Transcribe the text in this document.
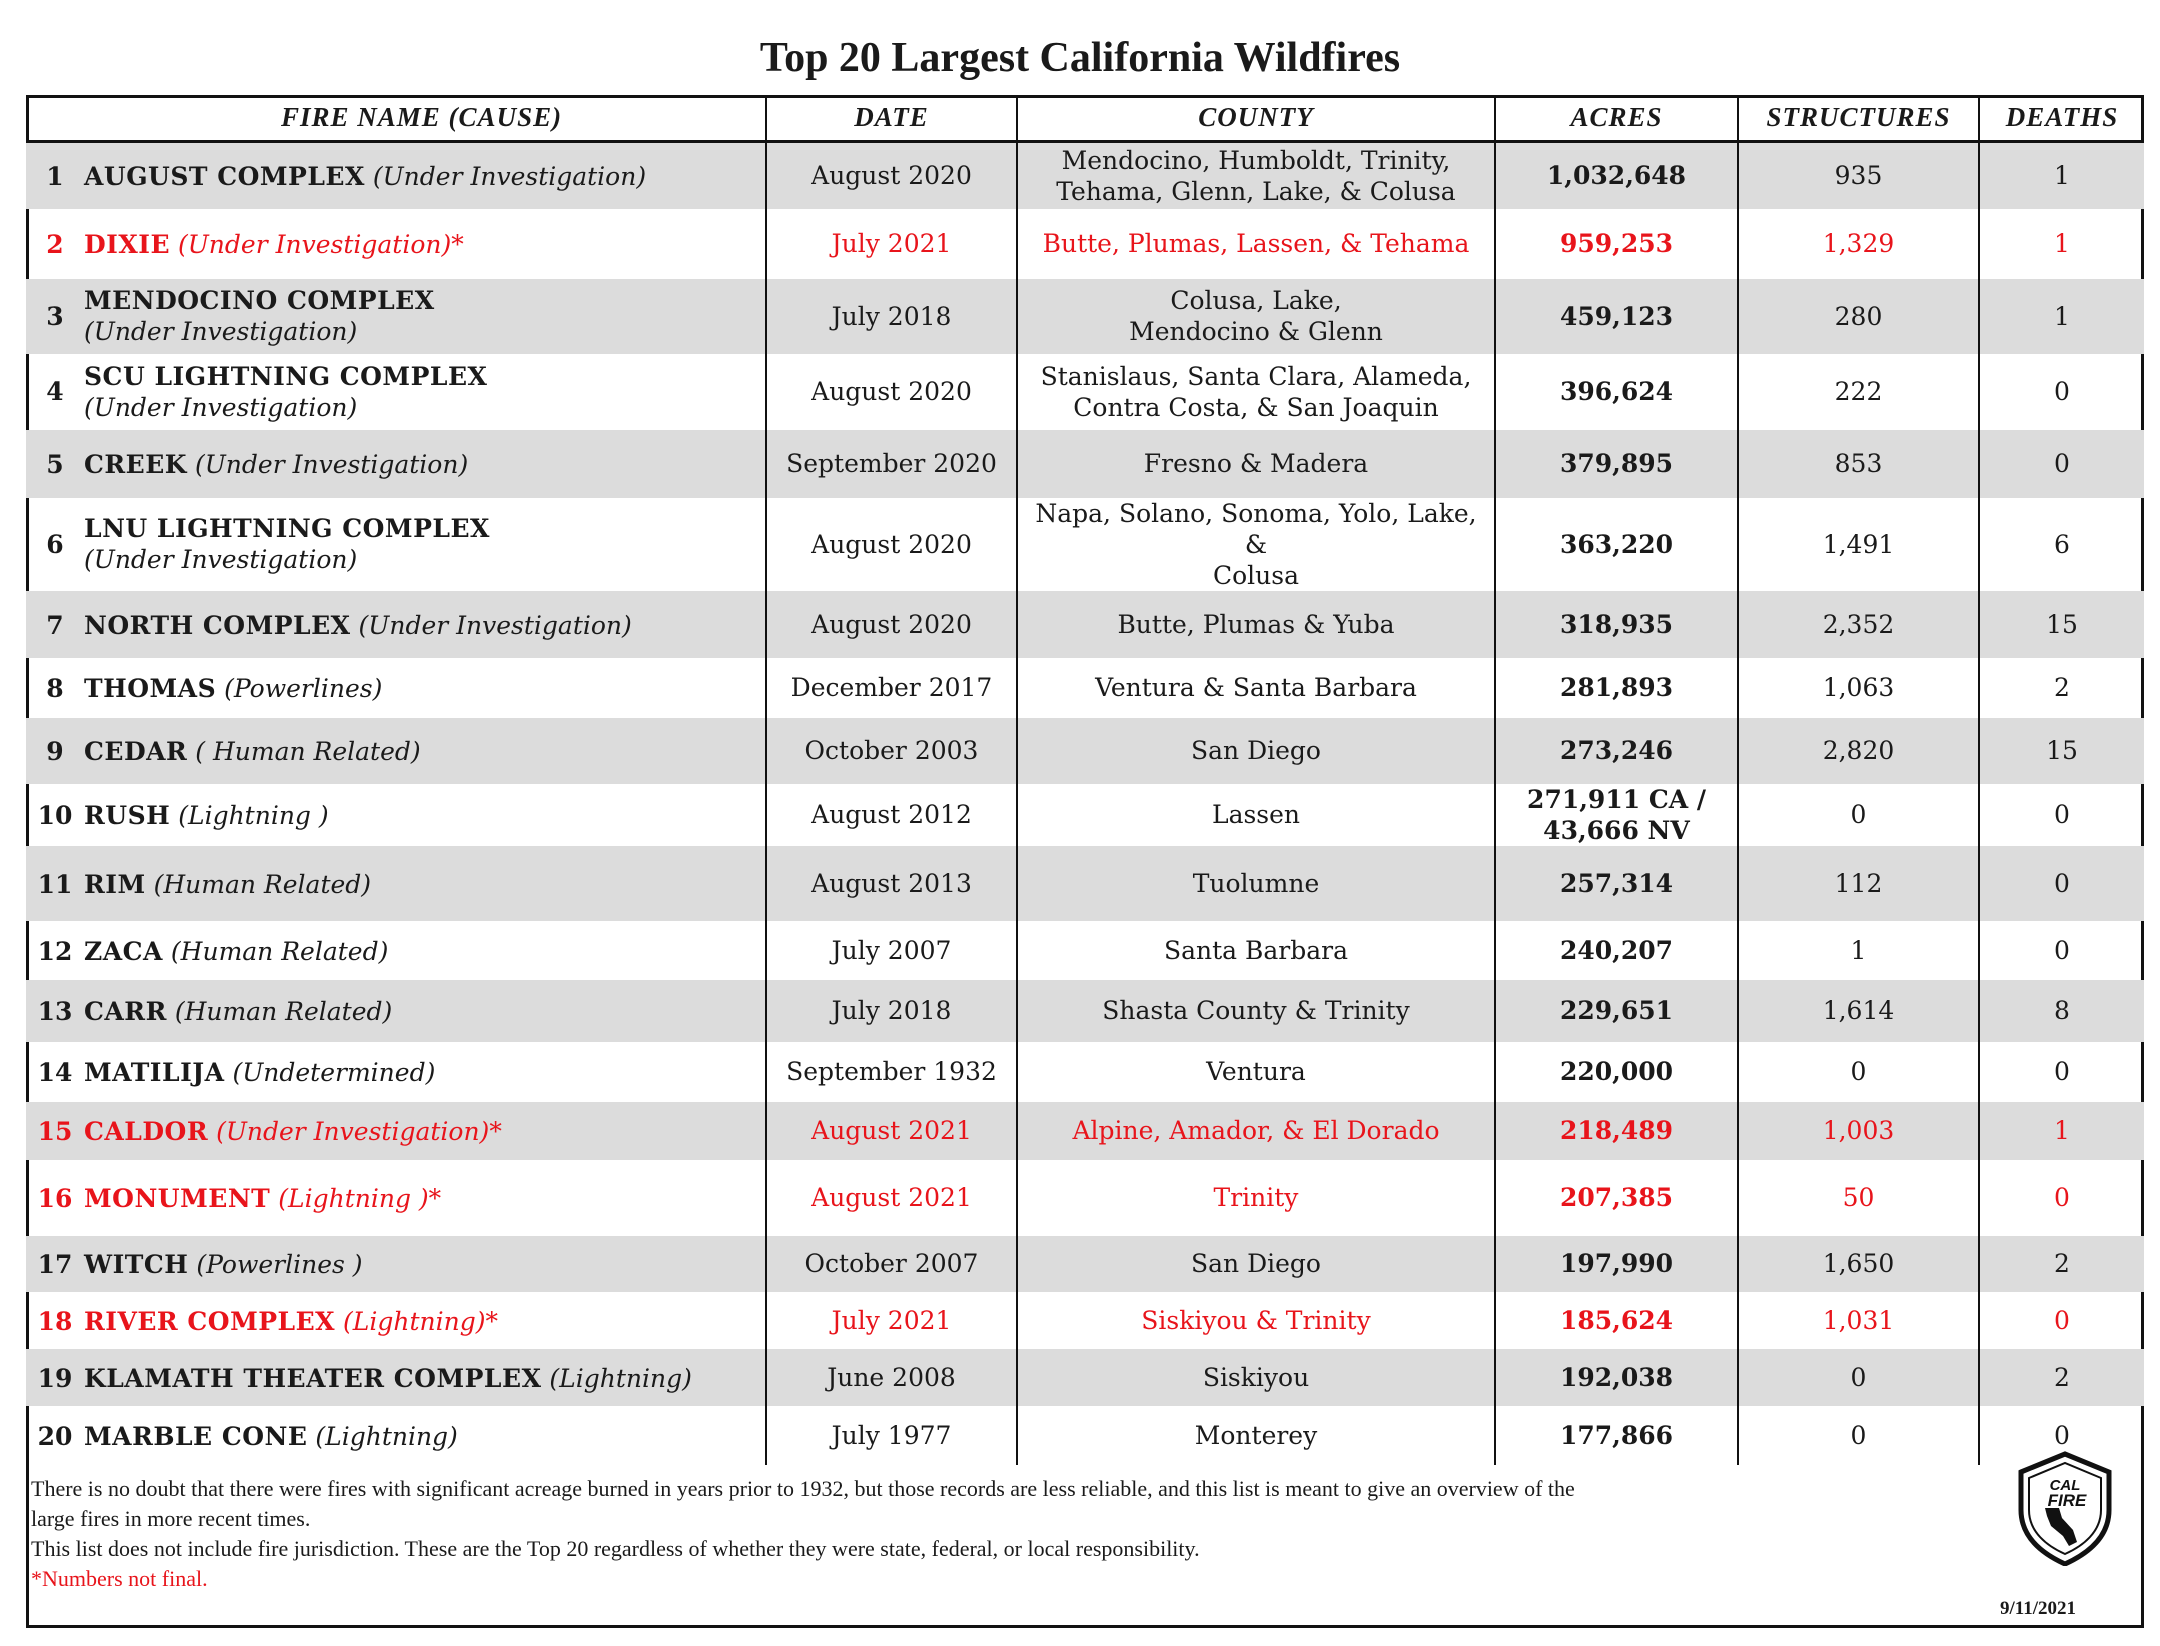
Top 20 Largest California Wildfires
FIRE NAME (CAUSE)	DATE	COUNTY	ACRES	STRUCTURES	DEATHS
1 AUGUST COMPLEX (Under Investigation)	August 2020	Mendocino, Humboldt, Trinity,
Tehama, Glenn, Lake, & Colusa	1,032,648	935	1
2 DIXIE (Under Investigation)*	July 2021	Butte, Plumas, Lassen, & Tehama	959,253	1,329	1
3MENDOCINO COMPLEX
(Under Investigation)	July 2018	Colusa, Lake,
Mendocino & Glenn	459,123	280	1
4SCU LIGHTNING COMPLEX
(Under Investigation)	August 2020	Stanislaus, Santa Clara, Alameda,
Contra Costa, & San Joaquin	396,624	222	0
5 CREEK (Under Investigation)	September 2020	Fresno & Madera	379,895	853	0
6LNU LIGHTNING COMPLEX
(Under Investigation)	August 2020	Napa, Solano, Sonoma, Yolo, Lake, &
Colusa	363,220	1,491	6
7 NORTH COMPLEX (Under Investigation)	August 2020	Butte, Plumas & Yuba	318,935	2,352	15
8 THOMAS (Powerlines)	December 2017	Ventura & Santa Barbara	281,893	1,063	2
9 CEDAR ( Human Related)	October 2003	San Diego	273,246	2,820	15
10 RUSH (Lightning )	August 2012	Lassen	271,911 CA /
43,666 NV	0	0
11 RIM (Human Related)	August 2013	Tuolumne	257,314	112	0
12 ZACA (Human Related)	July 2007	Santa Barbara	240,207	1	0
13 CARR (Human Related)	July 2018	Shasta County & Trinity	229,651	1,614	8
14 MATILIJA (Undetermined)	September 1932	Ventura	220,000	0	0
15 CALDOR (Under Investigation)*	August 2021	Alpine, Amador, & El Dorado	218,489	1,003	1
16 MONUMENT (Lightning )*	August 2021	Trinity	207,385	50	0
17 WITCH (Powerlines )	October 2007	San Diego	197,990	1,650	2
18 RIVER COMPLEX (Lightning)*	July 2021	Siskiyou & Trinity	185,624	1,031	0
19 KLAMATH THEATER COMPLEX (Lightning)	June 2008	Siskiyou	192,038	0	2
20 MARBLE CONE (Lightning)	July 1977	Monterey	177,866	0	0
There is no doubt that there were fires with significant acreage burned in years prior to 1932, but those records are less reliable, and this list is meant to give an overview of the
large fires in more recent times.
This list does not include fire jurisdiction. These are the Top 20 regardless of whether they were state, federal, or local responsibility.
*Numbers not final.
CAL
FIRE
9/11/2021
